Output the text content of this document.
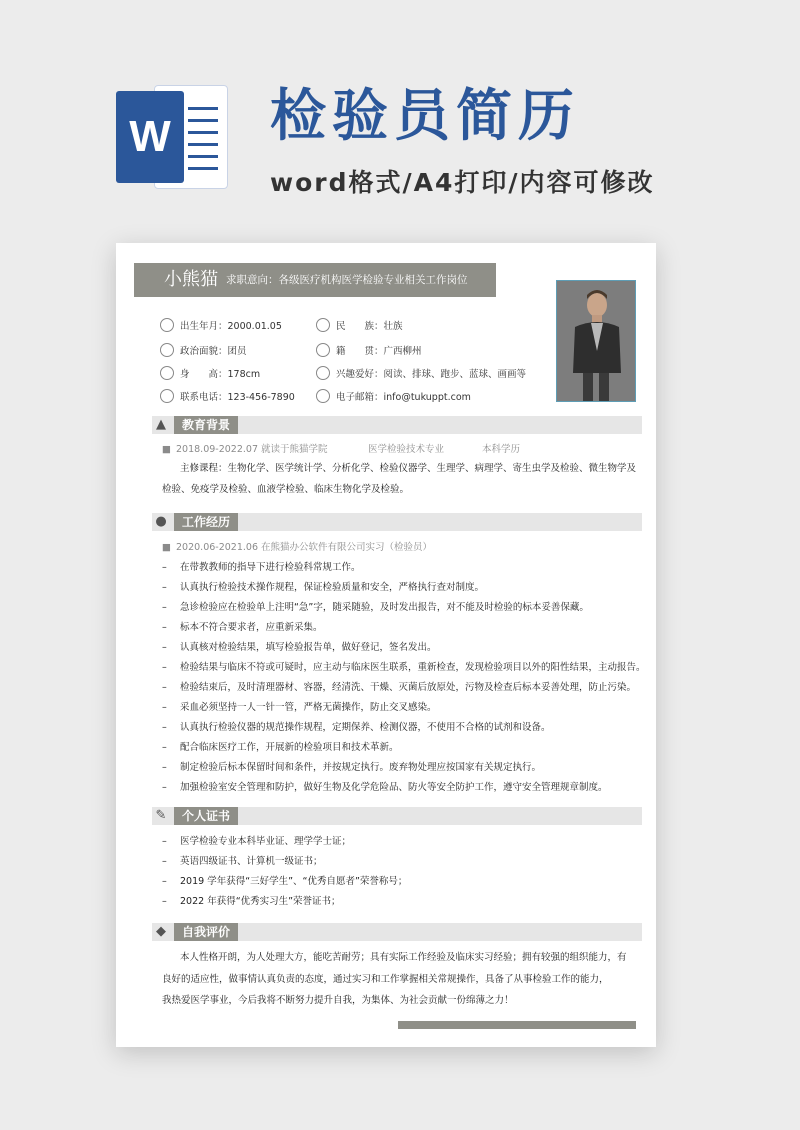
W 检验员简历
word格式/A4打印/内容可修改
小熊猫 求职意向：各级医疗机构医学检验专业相关工作岗位
出生年月：2000.01.05	民　　族：壮族
政治面貌：团员	籍　　贯：广西柳州
身　　高：178cm	兴趣爱好：阅读、排球、跑步、蓝球、画画等
联系电话：123-456-7890	电子邮箱：info@tukuppt.com
▲	教育背景
■ 2018.09-2022.07 就读于熊猫学院	医学检验技术专业	本科学历
主修课程：生物化学、医学统计学、分析化学、检验仪器学、生理学、病理学、寄生虫学及检验、微生物学及
检验、免疫学及检验、血液学检验、临床生物化学及检验。
●	工作经历
■ 2020.06-2021.06 在熊猫办公软件有限公司实习（检验员）
– 在带教教师的指导下进行检验科常规工作。
– 认真执行检验技术操作规程，保证检验质量和安全，严格执行查对制度。
– 急诊检验应在检验单上注明“急”字，随采随验，及时发出报告，对不能及时检验的标本妥善保藏。
– 标本不符合要求者，应重新采集。
– 认真核对检验结果，填写检验报告单，做好登记，签名发出。
– 检验结果与临床不符或可疑时，应主动与临床医生联系，重新检查，发现检验项目以外的阳性结果，主动报告。
– 检验结束后，及时清理器材、容器，经清洗、干燥、灭菌后放原处，污物及检查后标本妥善处理，防止污染。
– 采血必须坚持一人一针一管，严格无菌操作，防止交叉感染。
– 认真执行检验仪器的规范操作规程，定期保养、检测仪器，不使用不合格的试剂和设备。
– 配合临床医疗工作，开展新的检验项目和技术革新。
– 制定检验后标本保留时间和条件，并按规定执行。废弃物处理应按国家有关规定执行。
– 加强检验室安全管理和防护，做好生物及化学危险品、防火等安全防护工作，遵守安全管理规章制度。
✎	个人证书
– 医学检验专业本科毕业证、理学学士证；
– 英语四级证书、计算机一级证书；
– 2019 学年获得“三好学生”、“优秀自愿者”荣誉称号；
– 2022 年获得“优秀实习生”荣誉证书；
◆	自我评价
本人性格开朗，为人处理大方，能吃苦耐劳；具有实际工作经验及临床实习经验；拥有较强的组织能力，有
良好的适应性，做事情认真负责的态度，通过实习和工作掌握相关常规操作，具备了从事检验工作的能力，
我热爱医学事业，今后我将不断努力提升自我，为集体、为社会贡献一份绵薄之力！
